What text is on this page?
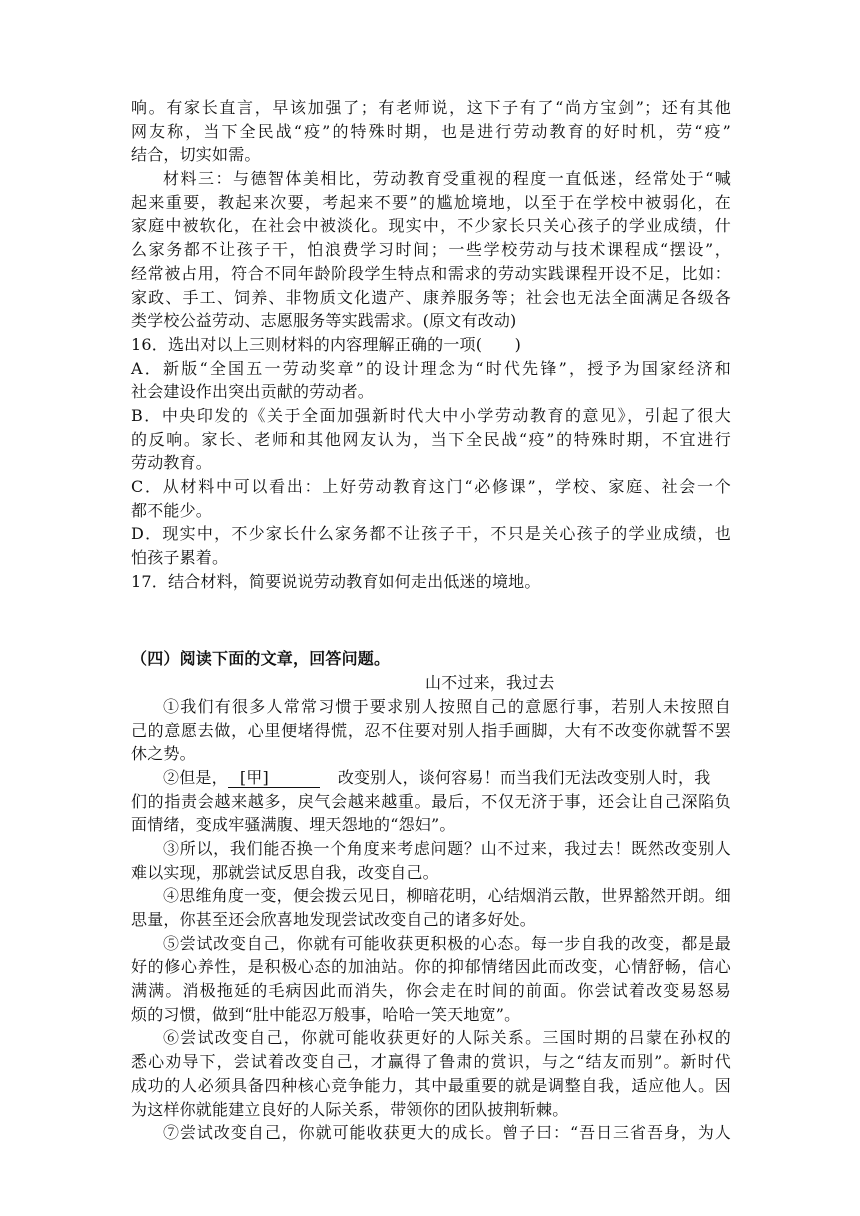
响。有家长直言，早该加强了；有老师说，这下子有了“尚方宝剑”；还有其他
网友称，当下全民战“疫”的特殊时期，也是进行劳动教育的好时机，劳“疫”
结合，切实如需。
材料三：与德智体美相比，劳动教育受重视的程度一直低迷，经常处于“喊
起来重要，教起来次要，考起来不要”的尴尬境地，以至于在学校中被弱化，在
家庭中被软化，在社会中被淡化。现实中，不少家长只关心孩子的学业成绩，什
么家务都不让孩子干，怕浪费学习时间；一些学校劳动与技术课程成“摆设”，
经常被占用，符合不同年龄阶段学生特点和需求的劳动实践课程开设不足，比如：
家政、手工、饲养、非物质文化遗产、康养服务等；社会也无法全面满足各级各
类学校公益劳动、志愿服务等实践需求。(原文有改动)
16．选出对以上三则材料的内容理解正确的一项(　　)
A．新版“全国五一劳动奖章”的设计理念为“时代先锋”，授予为国家经济和
社会建设作出突出贡献的劳动者。
B．中央印发的《关于全面加强新时代大中小学劳动教育的意见》，引起了很大
的反响。家长、老师和其他网友认为，当下全民战“疫”的特殊时期，不宜进行
劳动教育。
C．从材料中可以看出：上好劳动教育这门“必修课”，学校、家庭、社会一个
都不能少。
D．现实中，不少家长什么家务都不让孩子干，不只是关心孩子的学业成绩，也
怕孩子累着。
17．结合材料，简要说说劳动教育如何走出低迷的境地。
（四）阅读下面的文章，回答问题。
山不过来，我过去
①我们有很多人常常习惯于要求别人按照自己的意愿行事，若别人未按照自
己的意愿去做，心里便堵得慌，忍不住要对别人指手画脚，大有不改变你就誓不罢
休之势。
②但是， [甲]	改变别人，谈何容易！而当我们无法改变别人时，我
们的指责会越来越多，戾气会越来越重。最后，不仅无济于事，还会让自己深陷负
面情绪，变成牢骚满腹、埋天怨地的“怨妇”。
③所以，我们能否换一个角度来考虑问题？山不过来，我过去！既然改变别人
难以实现，那就尝试反思自我，改变自己。
④思维角度一变，便会拨云见日，柳暗花明，心结烟消云散，世界豁然开朗。细
思量，你甚至还会欣喜地发现尝试改变自己的诸多好处。
⑤尝试改变自己，你就有可能收获更积极的心态。每一步自我的改变，都是最
好的修心养性，是积极心态的加油站。你的抑郁情绪因此而改变，心情舒畅，信心
满满。消极拖延的毛病因此而消失，你会走在时间的前面。你尝试着改变易怒易
烦的习惯，做到“肚中能忍万般事，哈哈一笑天地宽”。
⑥尝试改变自己，你就可能收获更好的人际关系。三国时期的吕蒙在孙权的
悉心劝导下，尝试着改变自己，才赢得了鲁肃的赏识，与之“结友而别”。新时代
成功的人必须具备四种核心竞争能力，其中最重要的就是调整自我，适应他人。因
为这样你就能建立良好的人际关系，带领你的团队披荆斩棘。
⑦尝试改变自己，你就可能收获更大的成长。曾子曰：“吾日三省吾身，为人
